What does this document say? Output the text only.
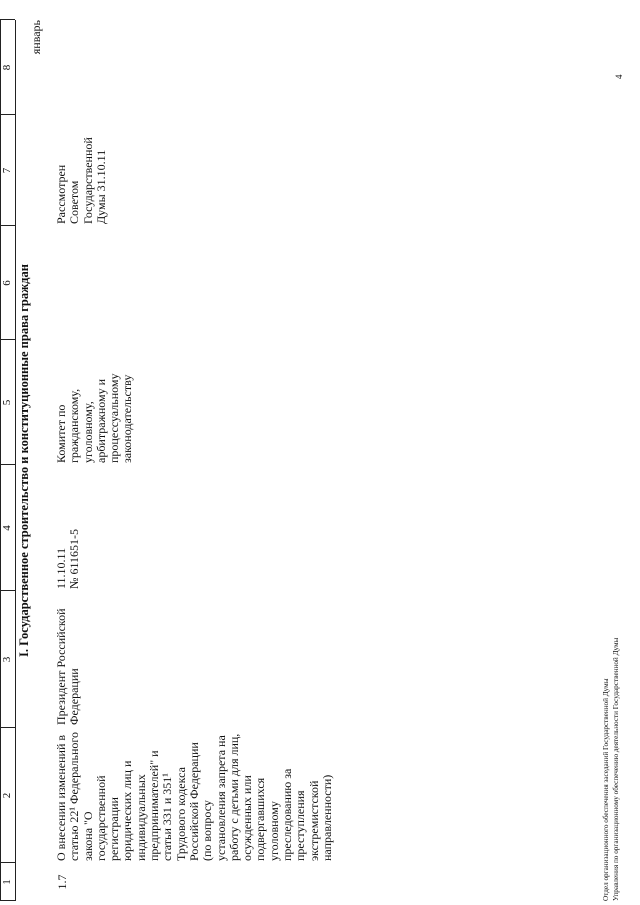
1
2
3
4
5
6
7
8
I. Государственное строительство и конституционные права граждан
1.7
О внесении изменений в
статью 22¹ Федерального
закона "О
государственной
регистрации
юридических лиц и
индивидуальных
предпринимателей" и
статьи 331 и 351¹
Трудового кодекса
Российской Федерации
(по вопросу
установления запрета на
работу с детьми для лиц,
осужденных или
подвергавшихся
уголовному
преследованию за
преступления
экстремистской
направленности)
Президент Российской
Федерации
11.10.11
№ 611651-5
Комитет по
гражданскому,
уголовному,
арбитражному и
процессуальному
законодательству
Рассмотрен
Советом
Государственной
Думы 31.10.11
январь
Отдел организационного обеспечения заседаний Государственной Думы Управления по организационному обеспечению деятельности Государственной Думы
4
